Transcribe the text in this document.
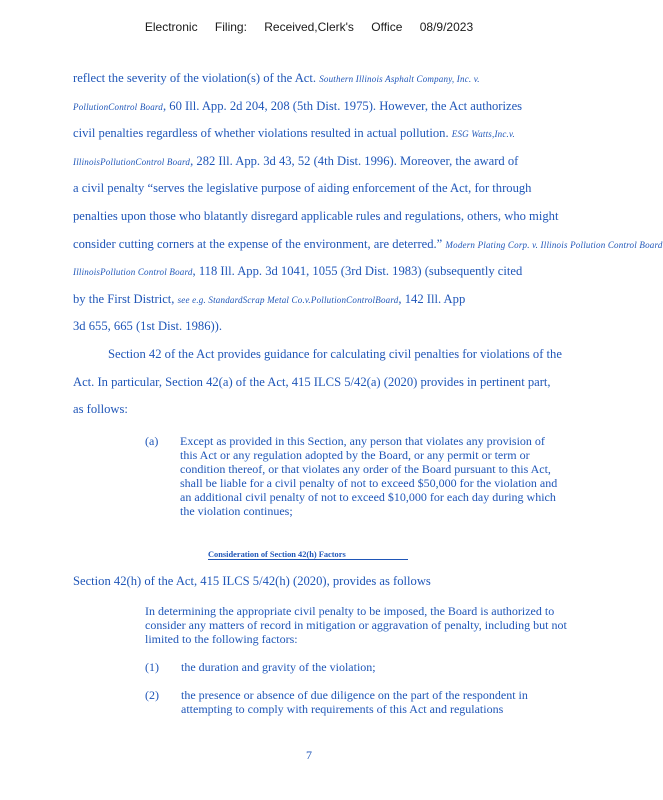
Electronic Filing: Received,Clerk's Office 08/9/2023
reflect the severity of the violation(s) of the Act. Southern Illinois Asphalt Company, Inc. v.
PollutionControl Board, 60 Ill. App. 2d 204, 208 (5th Dist. 1975). However, the Act authorizes
civil penalties regardless of whether violations resulted in actual pollution. ESG Watts,Inc.v.
IllinoisPollutionControl Board, 282 Ill. App. 3d 43, 52 (4th Dist. 1996). Moreover, the award of
a civil penalty “serves the legislative purpose of aiding enforcement of the Act, for through
penalties upon those who blatantly disregard applicable rules and regulations, others, who might
consider cutting corners at the expense of the environment, are deterred.” Modern Plating Corp. v. Illinois Pollution Control Board
IllinoisPollution Control Board, 118 Ill. App. 3d 1041, 1055 (3rd Dist. 1983) (subsequently cited
by the First District, see e.g. StandardScrap Metal Co.v.PollutionControlBoard, 142 Ill. App
3d 655, 665 (1st Dist. 1986)).
Section 42 of the Act provides guidance for calculating civil penalties for violations of the
Act. In particular, Section 42(a) of the Act, 415 ILCS 5/42(a) (2020) provides in pertinent part,
as follows:
(a) Except as provided in this Section, any person that violates any provision of this Act or any regulation adopted by the Board, or any permit or term or condition thereof, or that violates any order of the Board pursuant to this Act, shall be liable for a civil penalty of not to exceed $50,000 for the violation and an additional civil penalty of not to exceed $10,000 for each day during which the violation continues;
Consideration of Section 42(h) Factors
Section 42(h) of the Act, 415 ILCS 5/42(h) (2020), provides as follows
In determining the appropriate civil penalty to be imposed, the Board is authorized to consider any matters of record in mitigation or aggravation of penalty, including but not limited to the following factors:
(1) the duration and gravity of the violation;
(2) the presence or absence of due diligence on the part of the respondent in attempting to comply with requirements of this Act and regulations
7
